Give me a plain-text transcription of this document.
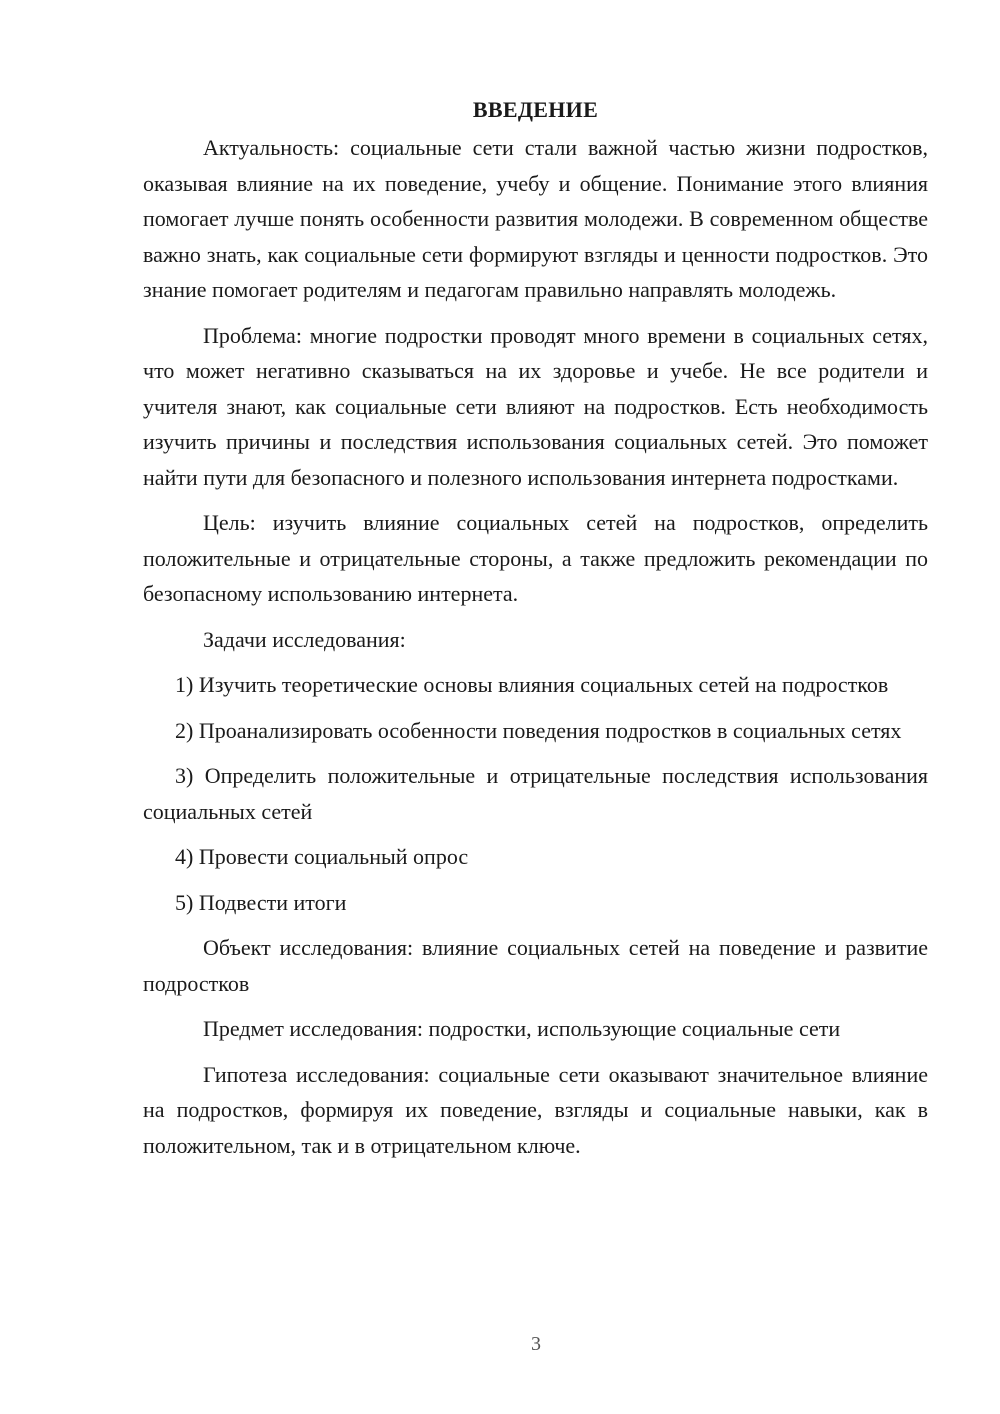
ВВЕДЕНИЕ

Актуальность: социальные сети стали важной частью жизни подростков, оказывая влияние на их поведение, учебу и общение. Понимание этого влияния помогает лучше понять особенности развития молодежи. В современном обществе важно знать, как социальные сети формируют взгляды и ценности подростков. Это знание помогает родителям и педагогам правильно направлять молодежь.

Проблема: многие подростки проводят много времени в социальных сетях, что может негативно сказываться на их здоровье и учебе. Не все родители и учителя знают, как социальные сети влияют на подростков. Есть необходимость изучить причины и последствия использования социальных сетей. Это поможет найти пути для безопасного и полезного использования интернета подростками.

Цель: изучить влияние социальных сетей на подростков, определить положительные и отрицательные стороны, а также предложить рекомендации по безопасному использованию интернета.

Задачи исследования:

1) Изучить теоретические основы влияния социальных сетей на подростков

2) Проанализировать особенности поведения подростков в социальных сетях

3) Определить положительные и отрицательные последствия использования социальных сетей

4) Провести социальный опрос

5) Подвести итоги

Объект исследования: влияние социальных сетей на поведение и развитие подростков

Предмет исследования: подростки, использующие социальные сети

Гипотеза исследования: социальные сети оказывают значительное влияние на подростков, формируя их поведение, взгляды и социальные навыки, как в положительном, так и в отрицательном ключе.

3
